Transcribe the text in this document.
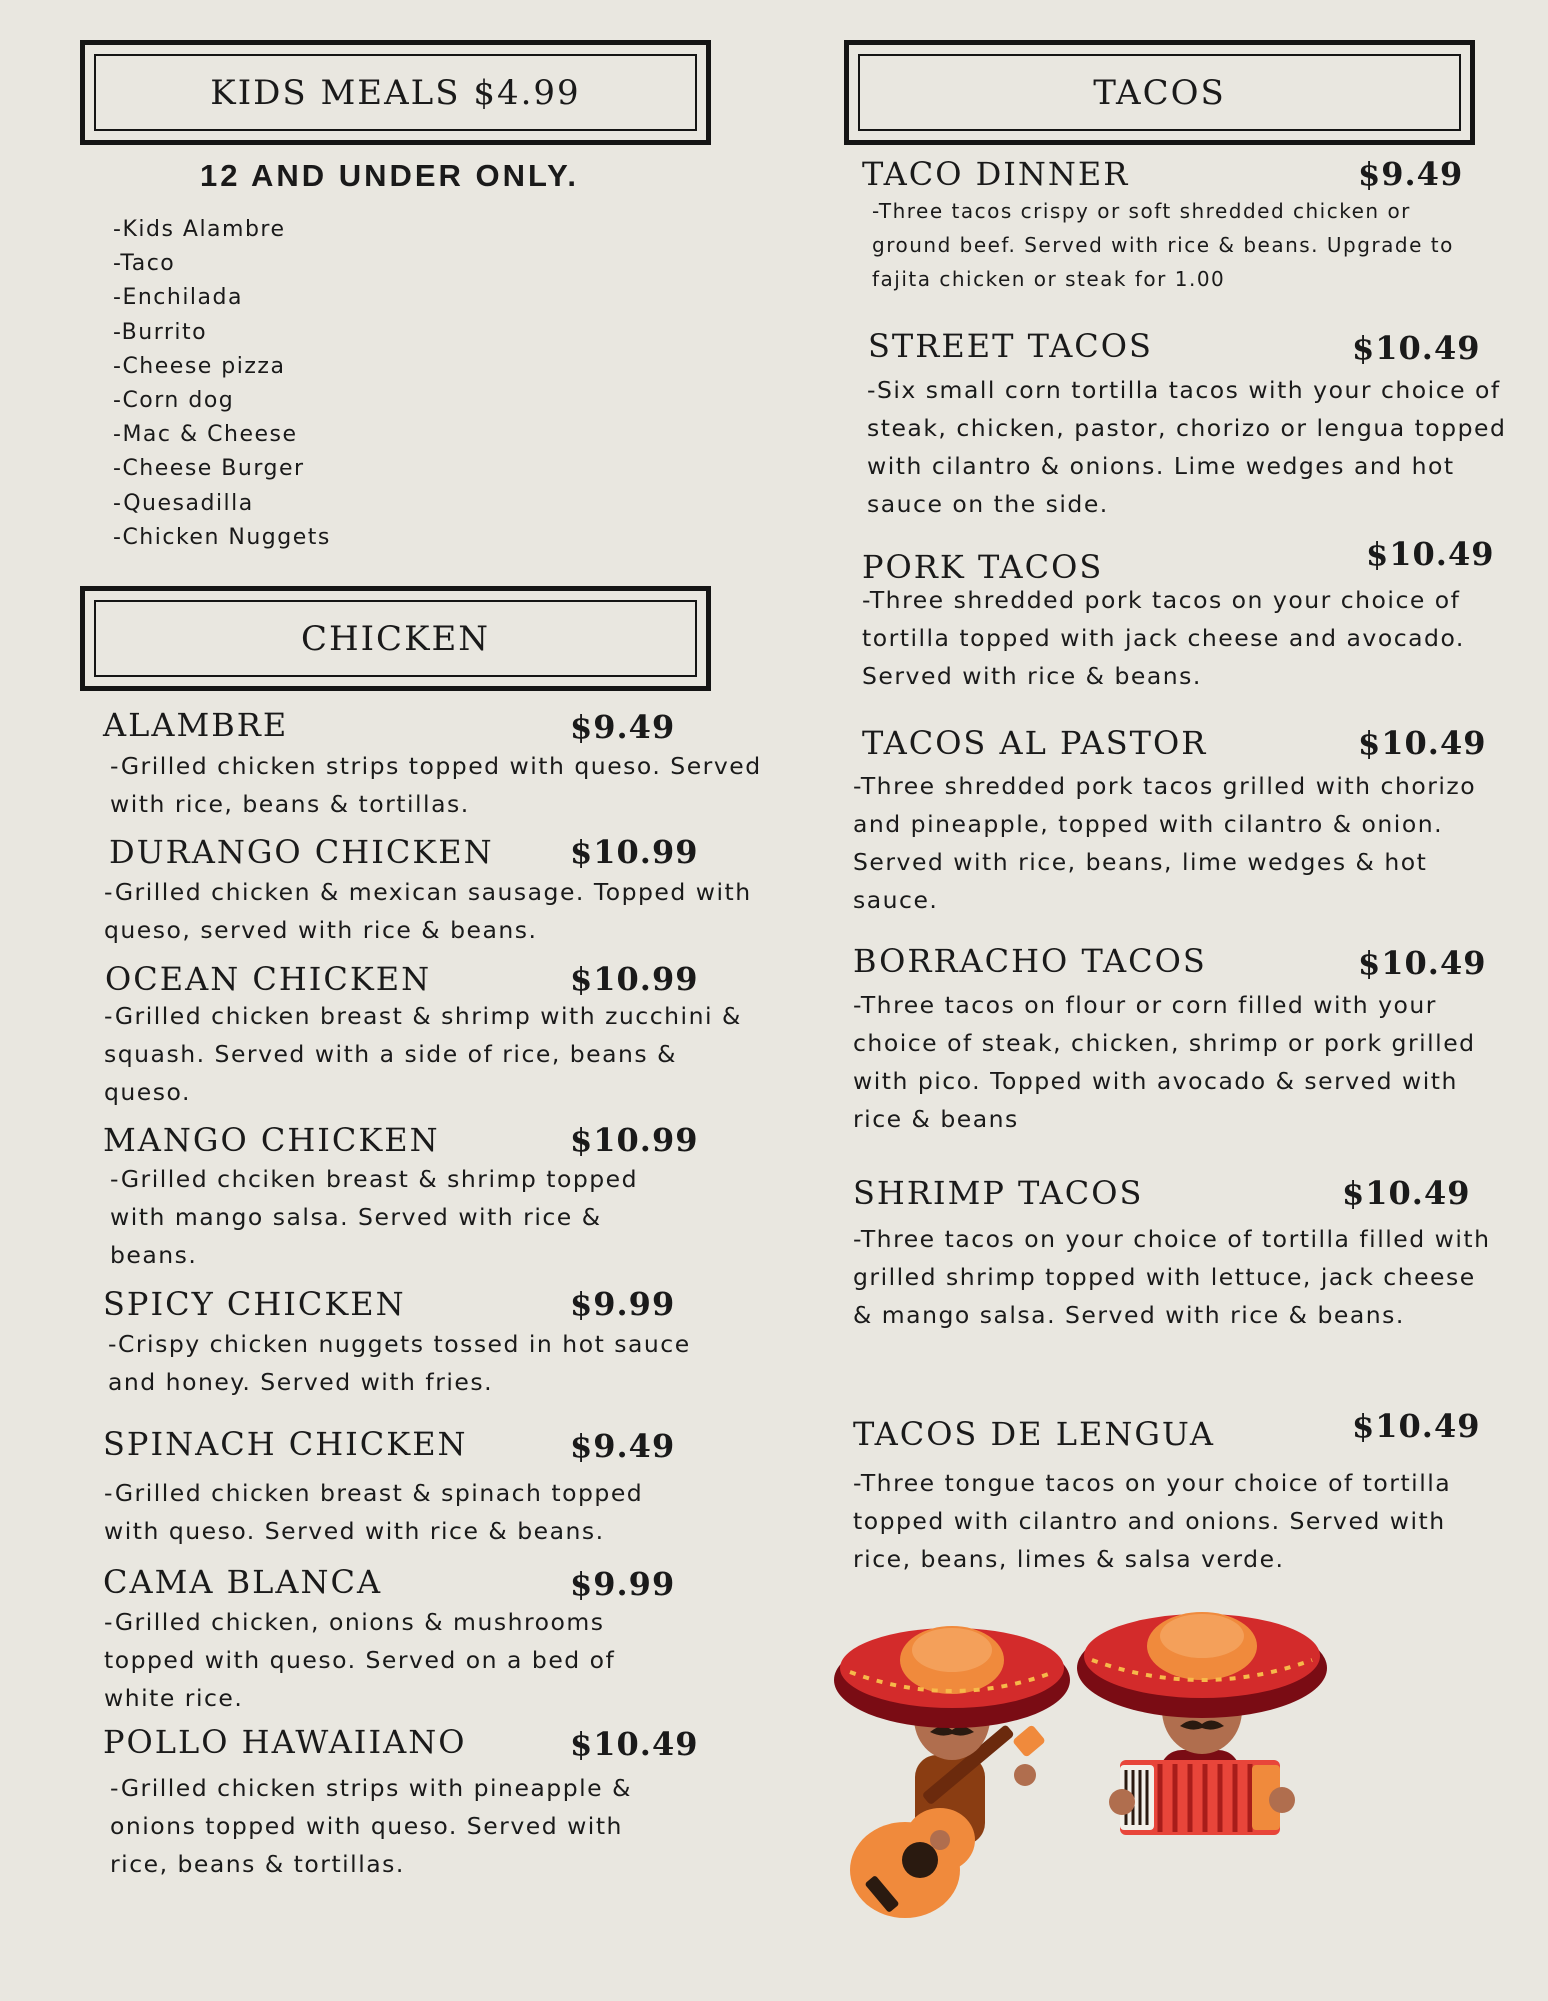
KIDS MEALS $4.99
12 AND UNDER ONLY.
-Kids Alambre
-Taco
-Enchilada
-Burrito
-Cheese pizza
-Corn dog
-Mac & Cheese
-Cheese Burger
-Quesadilla
-Chicken Nuggets
CHICKEN
ALAMBRE	$9.49

-Grilled chicken strips topped with queso. Served with rice, beans & tortillas.

DURANGO CHICKEN $10.99

-Grilled chicken & mexican sausage. Topped with queso, served with rice & beans.

OCEAN CHICKEN	$10.99

-Grilled chicken breast & shrimp with zucchini & squash. Served with a side of rice, beans & queso.

MANGO CHICKEN	$10.99

-Grilled chciken breast & shrimp topped with mango salsa. Served with rice & beans.

SPICY CHICKEN	$9.99

-Crispy chicken nuggets tossed in hot sauce and honey. Served with fries.

SPINACH CHICKEN	$9.49

-Grilled chicken breast & spinach topped with queso. Served with rice & beans.

CAMA BLANCA	$9.99

-Grilled chicken, onions & mushrooms topped with queso. Served on a bed of white rice.

POLLO HAWAIIANO	$10.49

-Grilled chicken strips with pineapple & onions topped with queso. Served with rice, beans & tortillas.

TACOS
TACO DINNER	$9.49

-Three tacos crispy or soft shredded chicken or ground beef. Served with rice & beans. Upgrade to fajita chicken or steak for 1.00

STREET TACOS	$10.49

-Six small corn tortilla tacos with your choice of steak, chicken, pastor, chorizo or lengua topped with cilantro & onions. Lime wedges and hot sauce on the side.

PORK TACOS	$10.49

-Three shredded pork tacos on your choice of tortilla topped with jack cheese and avocado. Served with rice & beans.

TACOS AL PASTOR	$10.49

-Three shredded pork tacos grilled with chorizo and pineapple, topped with cilantro & onion. Served with rice, beans, lime wedges & hot sauce.

BORRACHO TACOS	$10.49

-Three tacos on flour or corn filled with your choice of steak, chicken, shrimp or pork grilled with pico. Topped with avocado & served with rice & beans

SHRIMP TACOS	$10.49

-Three tacos on your choice of tortilla filled with grilled shrimp topped with lettuce, jack cheese & mango salsa. Served with rice & beans.

TACOS DE LENGUA	$10.49

-Three tongue tacos on your choice of tortilla topped with cilantro and onions. Served with rice, beans, limes & salsa verde.
